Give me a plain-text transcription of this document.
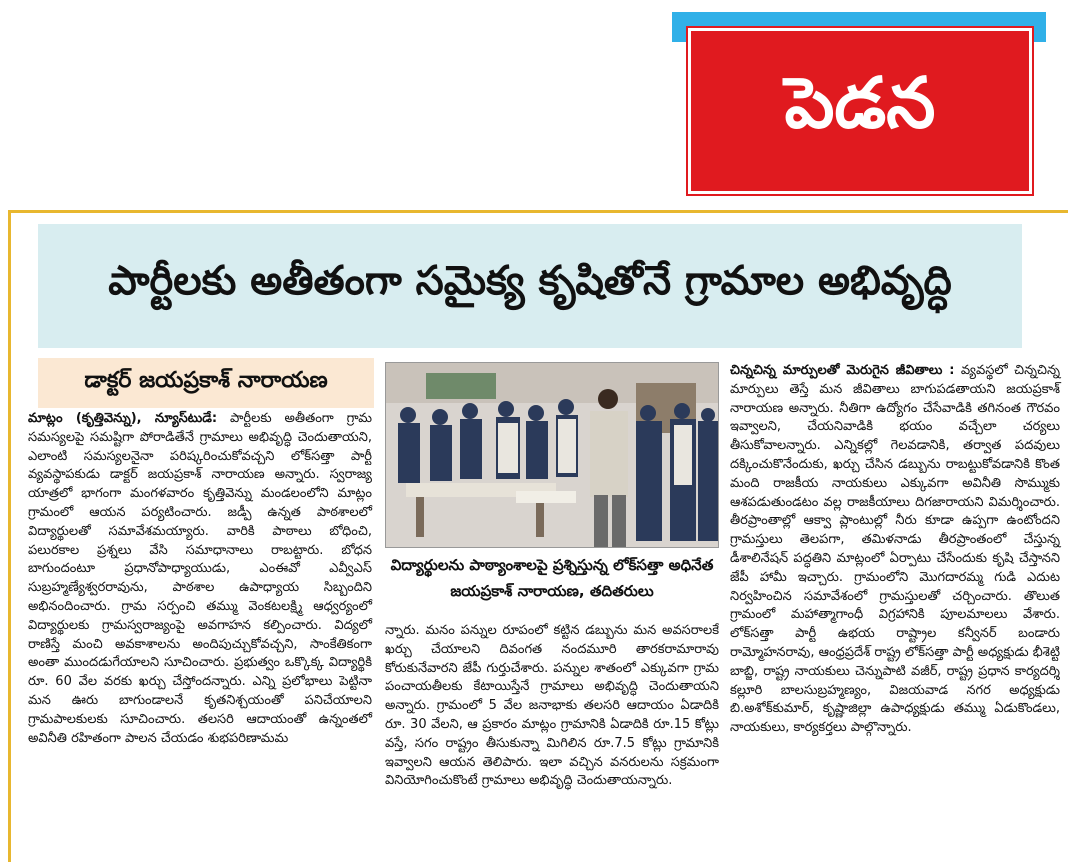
పెడన
పార్టీలకు అతీతంగా సమైక్య కృషితోనే గ్రామాల అభివృద్ధి
డాక్టర్ జయప్రకాశ్ నారాయణ
మాట్లం (కృత్తివెన్ను), న్యూస్‌టుడే: పార్టీలకు అతీతంగా గ్రామ సమస్యలపై సమష్టిగా పోరాడితేనే గ్రామాలు అభివృద్ధి చెందుతాయని, ఎలాంటి సమస్యలనైనా పరిష్కరించుకోవచ్చని లోక్‌సత్తా పార్టీ వ్యవస్థాపకుడు డాక్టర్ జయప్రకాశ్ నారాయణ అన్నారు. స్వరాజ్య యాత్రలో భాగంగా మంగళవారం కృత్తివెన్ను మండలంలోని మాట్లం గ్రామంలో ఆయన పర్యటించారు. జడ్పీ ఉన్నత పాఠశాలలో విద్యార్థులతో సమావేశమయ్యారు. వారికి పాఠాలు బోధించి, పలురకాల ప్రశ్నలు వేసి సమాధానాలు రాబట్టారు. బోధన బాగుందంటూ ప్రధానోపాధ్యాయుడు, ఎంఈవో ఎవ్వీఎస్ సుబ్రహ్మణ్యేశ్వరరావును, పాఠశాల ఉపాధ్యాయ సిబ్బందిని అభినందించారు. గ్రామ సర్పంచి తమ్ము వెంకటలక్ష్మి ఆధ్వర్యంలో విద్యార్థులకు గ్రామస్వరాజ్యంపై అవగాహన కల్పించారు. విద్యలో రాణిస్తే మంచి అవకాశాలను అందిపుచ్చుకోవచ్చని, సాంకేతికంగా అంతా ముందడుగేయాలని సూచించారు. ప్రభుత్వం ఒక్కొక్క విద్యార్థికి రూ. 60 వేల వరకు ఖర్చు చేస్తోందన్నారు. ఎన్ని ప్రలోభాలు పెట్టినా మన ఊరు బాగుండాలనే కృతనిశ్చయంతో పనిచేయాలని గ్రామపాలకులకు సూచించారు. తలసరి ఆదాయంతో ఉన్నంతలో అవినీతి రహితంగా పాలన చేయడం శుభపరిణామమ
విద్యార్థులను పాఠ్యాంశాలపై ప్రశ్నిస్తున్న లోక్‌సత్తా అధినేత జయప్రకాశ్ నారాయణ, తదితరులు
న్నారు. మనం పన్నుల రూపంలో కట్టిన డబ్బును మన అవసరాలకే ఖర్చు చేయాలని దివంగత నందమూరి తారకరామారావు కోరుకునేవారని జేపీ గుర్తుచేశారు. పన్నుల శాతంలో ఎక్కువగా గ్రామ పంచాయతీలకు కేటాయిస్తేనే గ్రామాలు అభివృద్ధి చెందుతాయని అన్నారు. గ్రామంలో 5 వేల జనాభాకు తలసరి ఆదాయం ఏడాదికి రూ. 30 వేలని, ఆ ప్రకారం మాట్లం గ్రామానికి ఏడాదికి రూ.15 కోట్లు వస్తే, సగం రాష్ట్రం తీసుకున్నా మిగిలిన రూ.7.5 కోట్లు గ్రామానికి ఇవ్వాలని ఆయన తెలిపారు. ఇలా వచ్చిన వనరులను సక్రమంగా వినియోగించుకొంటే గ్రామాలు అభివృద్ధి చెందుతాయన్నారు.
చిన్నచిన్న మార్పులతో మెరుగైన జీవితాలు : వ్యవస్థలో చిన్నచిన్న మార్పులు తెస్తే మన జీవితాలు బాగుపడతాయని జయప్రకాశ్ నారాయణ అన్నారు. నీతిగా ఉద్యోగం చేసేవాడికి తగినంత గౌరవం ఇవ్వాలని, చేయనివాడికి భయం వచ్చేలా చర్యలు తీసుకోవాలన్నారు. ఎన్నికల్లో గెలవడానికి, తర్వాత పదవులు దక్కించుకొనేందుకు, ఖర్చు చేసిన డబ్బును రాబట్టుకోవడానికి కొంత మంది రాజకీయ నాయకులు ఎక్కువగా అవినీతి సొమ్ముకు ఆశపడుతుండటం వల్ల రాజకీయాలు దిగజారాయని విమర్శించారు. తీరప్రాంతాల్లో ఆక్వా ప్లాంటుల్లో నీరు కూడా ఉప్పగా ఉంటోందని గ్రామస్తులు తెలపగా, తమిళనాడు తీరప్రాంతంలో చేస్తున్న డీశాలినేషన్ పద్ధతిని మాట్లంలో ఏర్పాటు చేసేందుకు కృషి చేస్తానని జేపీ హామీ ఇచ్చారు. గ్రామంలోని మొగదారమ్మ గుడి ఎదుట నిర్వహించిన సమావేశంలో గ్రామస్తులతో చర్చించారు. తొలుత గ్రామంలో మహాత్మాగాంధీ విగ్రహానికి పూలమాలలు వేశారు. లోక్‌సత్తా పార్టీ ఉభయ రాష్ట్రాల కన్వీనర్ బండారు రామ్మోహనరావు, ఆంధ్రప్రదేశ్ రాష్ట్ర లోక్‌సత్తా పార్టీ అధ్యక్షుడు భీశెట్టి బాబ్జి, రాష్ట్ర నాయకులు చెన్నుపాటి వజీర్, రాష్ట్ర ప్రధాన కార్యదర్శి కల్లూరి బాలసుబ్రహ్మణ్యం, విజయవాడ నగర అధ్యక్షుడు బి.అశోక్‌కుమార్, కృష్ణాజిల్లా ఉపాధ్యక్షుడు తమ్ము ఏడుకొండలు, నాయకులు, కార్యకర్తలు పాల్గొన్నారు.
